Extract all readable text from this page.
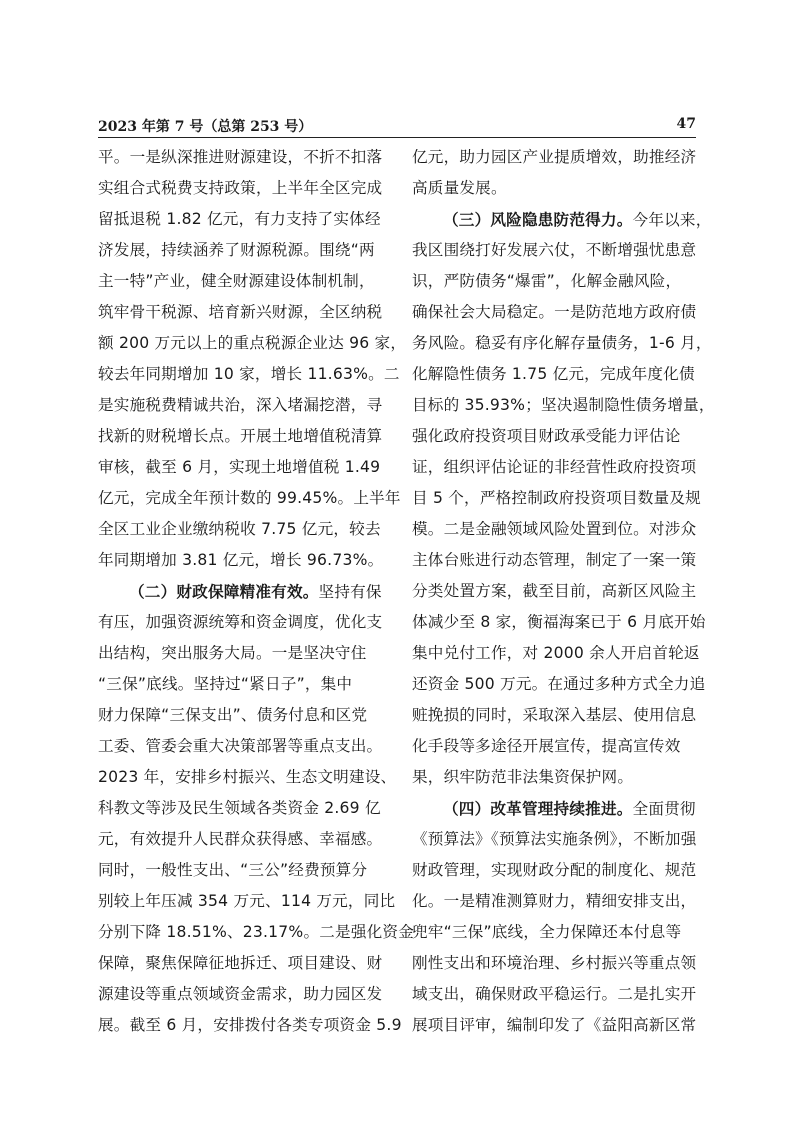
2023 年第 7 号（总第 253 号）	47
平。一是纵深推进财源建设，不折不扣落
实组合式税费支持政策，上半年全区完成
留抵退税 1.82 亿元，有力支持了实体经
济发展，持续涵养了财源税源。围绕“两
主一特”产业，健全财源建设体制机制，
筑牢骨干税源、培育新兴财源，全区纳税
额 200 万元以上的重点税源企业达 96 家，
较去年同期增加 10 家，增长 11.63%。二
是实施税费精诚共治，深入堵漏挖潜，寻
找新的财税增长点。开展土地增值税清算
审核，截至 6 月，实现土地增值税 1.49
亿元，完成全年预计数的 99.45%。上半年
全区工业企业缴纳税收 7.75 亿元，较去
年同期增加 3.81 亿元，增长 96.73%。
（二）财政保障精准有效。坚持有保
有压，加强资源统筹和资金调度，优化支
出结构，突出服务大局。一是坚决守住
“三保”底线。坚持过“紧日子”，集中
财力保障“三保支出”、债务付息和区党
工委、管委会重大决策部署等重点支出。
2023 年，安排乡村振兴、生态文明建设、
科教文等涉及民生领域各类资金 2.69 亿
元，有效提升人民群众获得感、幸福感。
同时，一般性支出、“三公”经费预算分
别较上年压减 354 万元、114 万元，同比
分别下降 18.51%、23.17%。二是强化资金
保障，聚焦保障征地拆迁、项目建设、财
源建设等重点领域资金需求，助力园区发
展。截至 6 月，安排拨付各类专项资金 5.9
亿元，助力园区产业提质增效，助推经济
高质量发展。
（三）风险隐患防范得力。今年以来，
我区围绕打好发展六仗，不断增强忧患意
识，严防债务“爆雷”，化解金融风险，
确保社会大局稳定。一是防范地方政府债
务风险。稳妥有序化解存量债务，1-6 月，
化解隐性债务 1.75 亿元，完成年度化债
目标的 35.93%；坚决遏制隐性债务增量，
强化政府投资项目财政承受能力评估论
证，组织评估论证的非经营性政府投资项
目 5 个，严格控制政府投资项目数量及规
模。二是金融领域风险处置到位。对涉众
主体台账进行动态管理，制定了一案一策
分类处置方案，截至目前，高新区风险主
体减少至 8 家，衡福海案已于 6 月底开始
集中兑付工作，对 2000 余人开启首轮返
还资金 500 万元。在通过多种方式全力追
赃挽损的同时，采取深入基层、使用信息
化手段等多途径开展宣传，提高宣传效
果，织牢防范非法集资保护网。
（四）改革管理持续推进。全面贯彻
《预算法》《预算法实施条例》，不断加强
财政管理，实现财政分配的制度化、规范
化。一是精准测算财力，精细安排支出，
兜牢“三保”底线，全力保障还本付息等
刚性支出和环境治理、乡村振兴等重点领
域支出，确保财政平稳运行。二是扎实开
展项目评审，编制印发了《益阳高新区常
